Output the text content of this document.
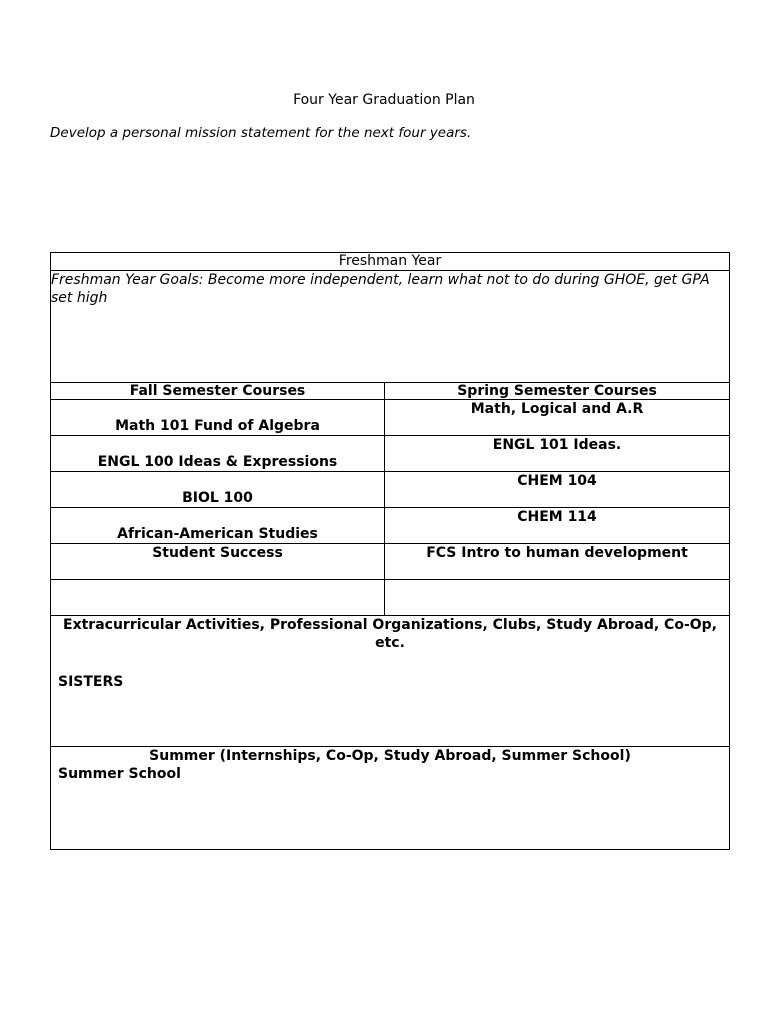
Four Year Graduation Plan
Develop a personal mission statement for the next four years.
Freshman Year	
Freshman Year Goals: Become more independent, learn what not to do during GHOE, get GPA set high	
Fall Semester Courses	Spring Semester Courses

Math 101 Fund of Algebra	Math, Logical and A.R

ENGL 100 Ideas & Expressions	ENGL 101 Ideas.

BIOL 100	CHEM 104

African-American Studies	CHEM 114

Student Success	FCS Intro to human development

Extracurricular Activities, Professional Organizations, Clubs, Study Abroad, Co-Op, etc.
SISTERS	

Summer (Internships, Co-Op, Study Abroad, Summer School)
Summer School	
